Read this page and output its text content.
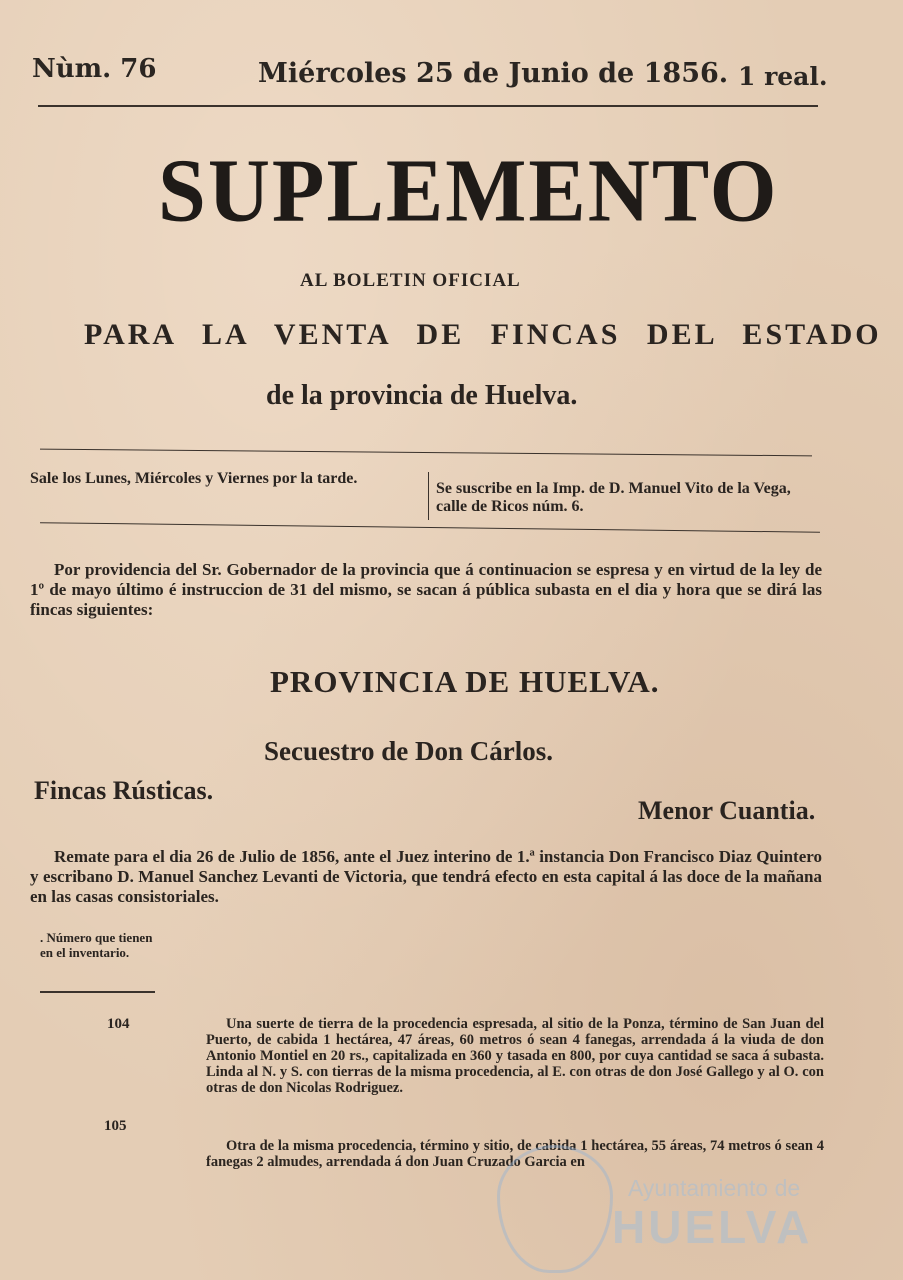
Nùm. 76	Miércoles 25 de Junio de 1856. 1 real.
SUPLEMENTO
AL BOLETIN OFICIAL
PARA LA VENTA DE FINCAS DEL ESTADO
de la provincia de Huelva.
Sale los Lunes, Miércoles y Viernes por la tarde.
Se suscribe en la Imp. de D. Manuel Vito de la Vega, calle de Ricos núm. 6.
Por providencia del Sr. Gobernador de la provincia que á continuacion se espresa y en virtud de la ley de 1º de mayo último é instruccion de 31 del mismo, se sacan á pública subasta en el dia y hora que se dirá las fincas siguientes:
PROVINCIA DE HUELVA.
Secuestro de Don Cárlos.
Fincas Rústicas.
Menor Cuantia.
Remate para el dia 26 de Julio de 1856, ante el Juez interino de 1.ª instancia Don Francisco Diaz Quintero y escribano D. Manuel Sanchez Levanti de Victoria, que tendrá efecto en esta capital á las doce de la mañana en las casas consistoriales.
. Número que tienen en el inventario.
104	Una suerte de tierra de la procedencia espresada, al sitio de la Ponza, término de San Juan del Puerto, de cabida 1 hectárea, 47 áreas, 60 metros ó sean 4 fanegas, arrendada á la viuda de don Antonio Montiel en 20 rs., capitalizada en 360 y tasada en 800, por cuya cantidad se saca á subasta. Linda al N. y S. con tierras de la misma procedencia, al E. con otras de don José Gallego y al O. con otras de don Nicolas Rodriguez.
105
Otra de la misma procedencia, término y sitio, de cabida 1 hectárea, 55 áreas, 74 metros ó sean 4 fanegas 2 almudes, arrendada á don Juan Cruzado Garcia en
Ayuntamiento de
HUELVA
